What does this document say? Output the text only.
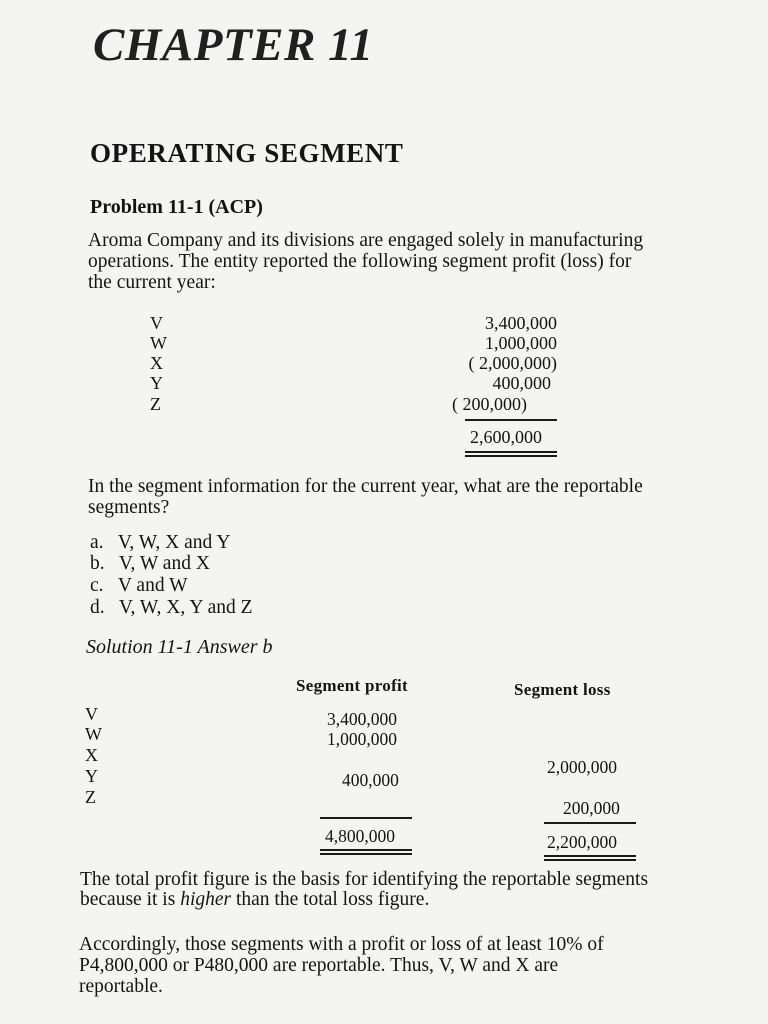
CHAPTER 11
OPERATING SEGMENT
Problem 11-1 (ACP)
Aroma Company and its divisions are engaged solely in manufacturing
operations. The entity reported the following segment profit (loss) for
the current year:
V
W
X
Y
Z
3,400,000
1,000,000
( 2,000,000)
400,000
( 200,000)
2,600,000
In the segment information for the current year, what are the reportable
segments?
a. V, W, X and Y
b. V, W and X
c. V and W
d. V, W, X, Y and Z
Solution 11-1 Answer b
Segment profit	Segment loss
V
W
X
Y
Z
3,400,000
1,000,000
400,000
2,000,000
200,000
4,800,000	2,200,000
The total profit figure is the basis for identifying the reportable segments
because it is higher than the total loss figure.
Accordingly, those segments with a profit or loss of at least 10% of
P4,800,000 or P480,000 are reportable. Thus, V, W and X are
reportable.
